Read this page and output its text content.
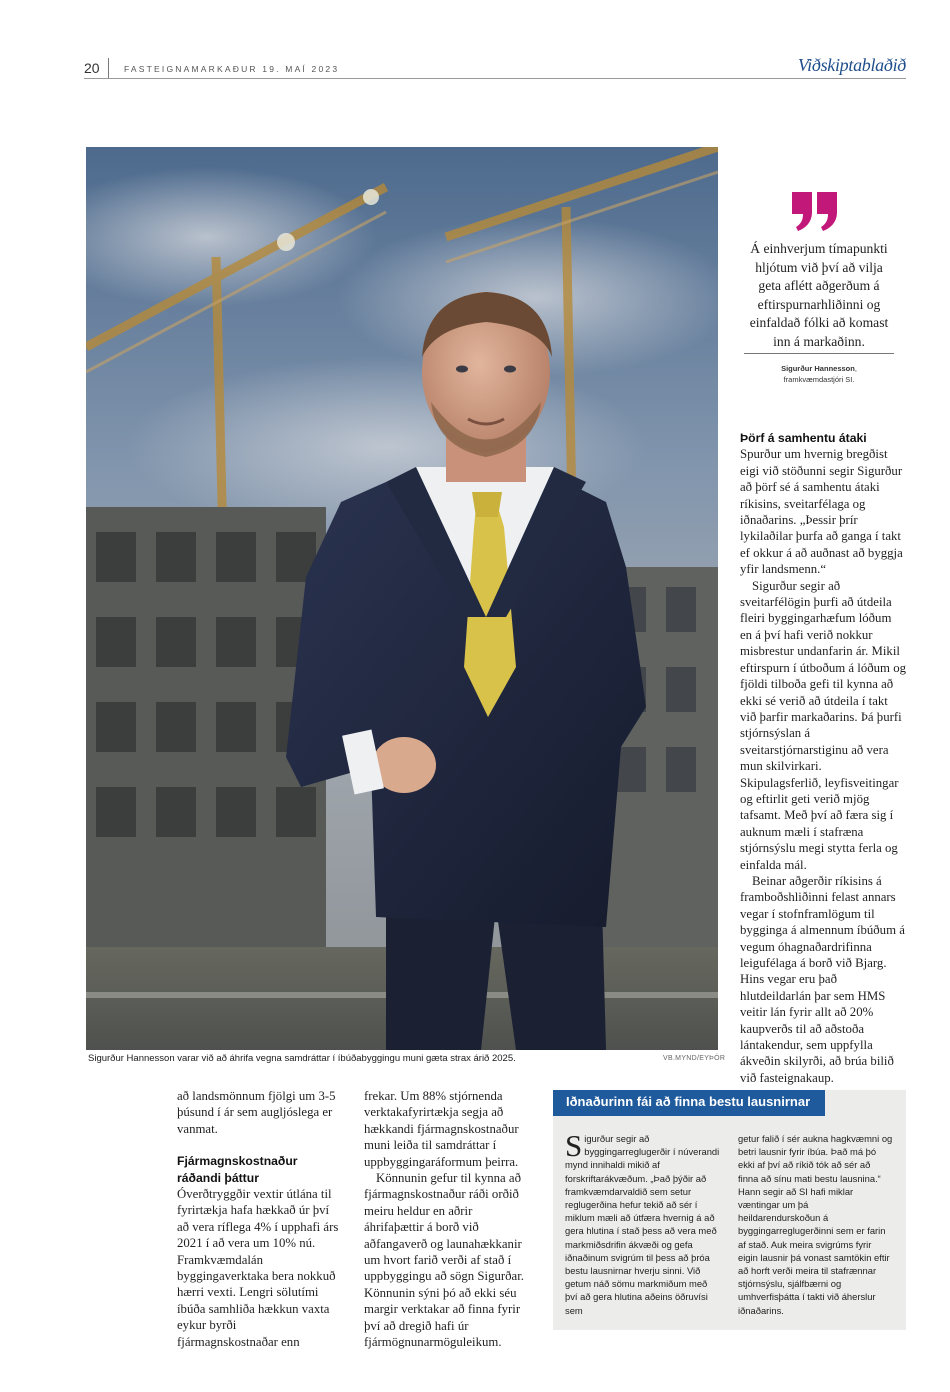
20	FASTEIGNAMARKAÐUR 19. MAÍ 2023	Viðskiptablaðið
Sigurður Hannesson varar við að áhrifa vegna samdráttar í íbúðabyggingu muni gæta strax árið 2025.	VB.MYND/EYÞÓR
Á einhverjum tímapunkti hljótum við því að vilja geta aflétt aðgerðum á eftirspurnarhliðinni og einfaldað fólki að komast inn á markaðinn.
Sigurður Hannesson,
framkvæmdastjóri SI.

Þörf á samhentu átaki

Spurður um hvernig bregðist eigi við stöðunni segir Sigurður að þörf sé á samhentu átaki ríkisins, sveitarfélaga og iðnaðarins. „Þessir þrír lykilaðilar þurfa að ganga í takt ef okkur á að auðnast að byggja yfir landsmenn.“

Sigurður segir að sveitarfélögin þurfi að útdeila fleiri byggingarhæfum lóðum en á því hafi verið nokkur misbrestur undanfarin ár. Mikil eftirspurn í útboðum á lóðum og fjöldi tilboða gefi til kynna að ekki sé verið að útdeila í takt við þarfir markaðarins. Þá þurfi stjórnsýslan á sveitarstjórnarstiginu að vera mun skilvirkari. Skipulagsferlið, leyfisveitingar og eftirlit geti verið mjög tafsamt. Með því að færa sig í auknum mæli í stafræna stjórnsýslu megi stytta ferla og einfalda mál.

Beinar aðgerðir ríkisins á framboðshliðinni felast annars vegar í stofnframlögum til bygginga á almennum íbúðum á vegum óhagnaðardrifinna leigufélaga á borð við Bjarg. Hins vegar eru það hlutdeildarlán þar sem HMS veitir lán fyrir allt að 20% kaupverðs til að aðstoða lántakendur, sem uppfylla ákveðin skilyrði, að brúa bilið við fasteignakaup.

að landsmönnum fjölgi um 3-5 þúsund í ár sem augljóslega er vanmat.

Fjármagnskostnaður ráðandi þáttur

Óverðtryggðir vextir útlána til fyrirtækja hafa hækkað úr því að vera ríflega 4% í upphafi árs 2021 í að vera um 10% nú. Framkvæmdalán byggingaverktaka bera nokkuð hærri vexti. Lengri sölutími íbúða samhliða hækkun vaxta eykur byrði fjármagnskostnaðar enn

frekar. Um 88% stjórnenda verktakafyrirtækja segja að hækkandi fjármagnskostnaður muni leiða til samdráttar í uppbyggingaráformum þeirra.

Könnunin gefur til kynna að fjármagnskostnaður ráði orðið meiru heldur en aðrir áhrifaþættir á borð við aðfangaverð og launahækkanir um hvort farið verði af stað í uppbyggingu að sögn Sigurðar. Könnunin sýni þó að ekki séu margir verktakar að finna fyrir því að dregið hafi úr fjármögnunarmöguleikum.

Iðnaðurinn fái að finna bestu lausnirnar

Sigurður segir að byggingarreglugerðir í núverandi mynd innihaldi mikið af forskriftarákvæðum. „Það þýðir að framkvæmdarvaldið sem setur reglugerðina hefur tekið að sér í miklum mæli að útfæra hvernig á að gera hlutina í stað þess að vera með markmiðsdrifin ákvæði og gefa iðnaðinum svigrúm til þess að þróa bestu lausnirnar hverju sinni. Við getum náð sömu markmiðum með því að gera hlutina aðeins öðruvísi sem

getur falið í sér aukna hagkvæmni og betri lausnir fyrir íbúa. Það má þó ekki af því að ríkið tók að sér að finna að sínu mati bestu lausnina.“ Hann segir að SI hafi miklar væntingar um þá heildarendurskoðun á byggingarreglugerðinni sem er farin af stað. Auk meira svigrúms fyrir eigin lausnir þá vonast samtökin eftir að horft verði meira til stafrænnar stjórnsýslu, sjálfbærni og umhverfisþátta í takti við áherslur iðnaðarins.
